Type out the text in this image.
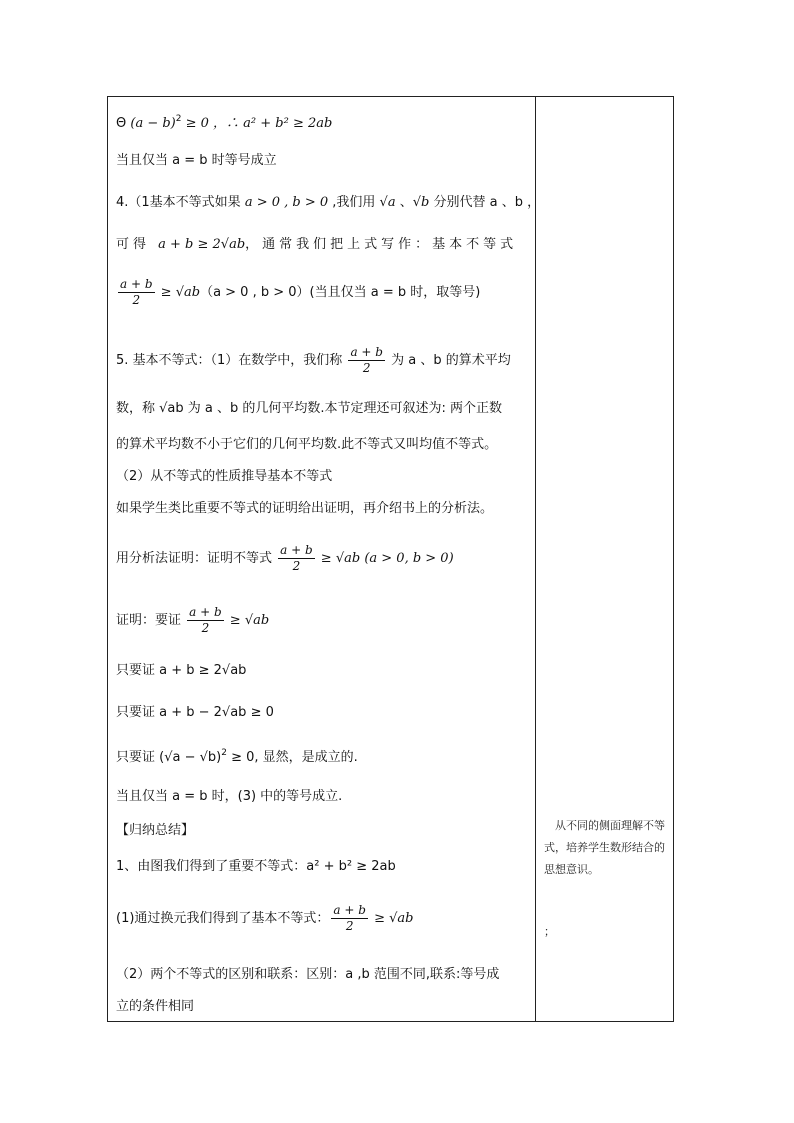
Θ $(a - b)^2 \ge 0$ ，∴ a² + b² ≥ 2ab
当且仅当 a = b 时等号成立
4.（1基本不等式如果 a > 0 , b > 0 ,我们用 √a 、√b 分别代替 a 、b ，
可得 a + b ≥ 2√ab，通常我们把上式写作：基本不等式
$\frac{a + b}{2} \ge √ab(a > 0$ , b > 0）(当且仅当 a = b 时，取等号)
5. 基本不等式：（1）在数学中，我们称 $\frac{a + b}{2}$ 为 a 、b 的算术平均
数，称 √ab 为 a 、b 的几何平均数.本节定理还可叙述为: 两个正数
的算术平均数不小于它们的几何平均数.此不等式又叫均值不等式。
（2）从不等式的性质推导基本不等式
如果学生类比重要不等式的证明给出证明，再介绍书上的分析法。
用分析法证明：证明不等式 $\frac{a + b}{2} \ge √ab$ (a > 0, b > 0)
证明：要证 $\frac{a + b}{2} \ge √ab$
只要证 a + b ≥ 2√ab
只要证 a + b − 2√ab ≥ 0
只要证 $(√a - √b)^2 \ge 0$, 显然，是成立的.
当且仅当 a = b 时，(3) 中的等号成立.
【归纳总结】
1、由图我们得到了重要不等式：a² + b² ≥ 2ab
(1)通过换元我们得到了基本不等式： $\frac{a + b}{2} \ge √ab$
（2）两个不等式的区别和联系：区别：a ,b 范围不同,联系:等号成
立的条件相同
　从不同的侧面理解不等式，培养学生数形结合的思想意识。
；
